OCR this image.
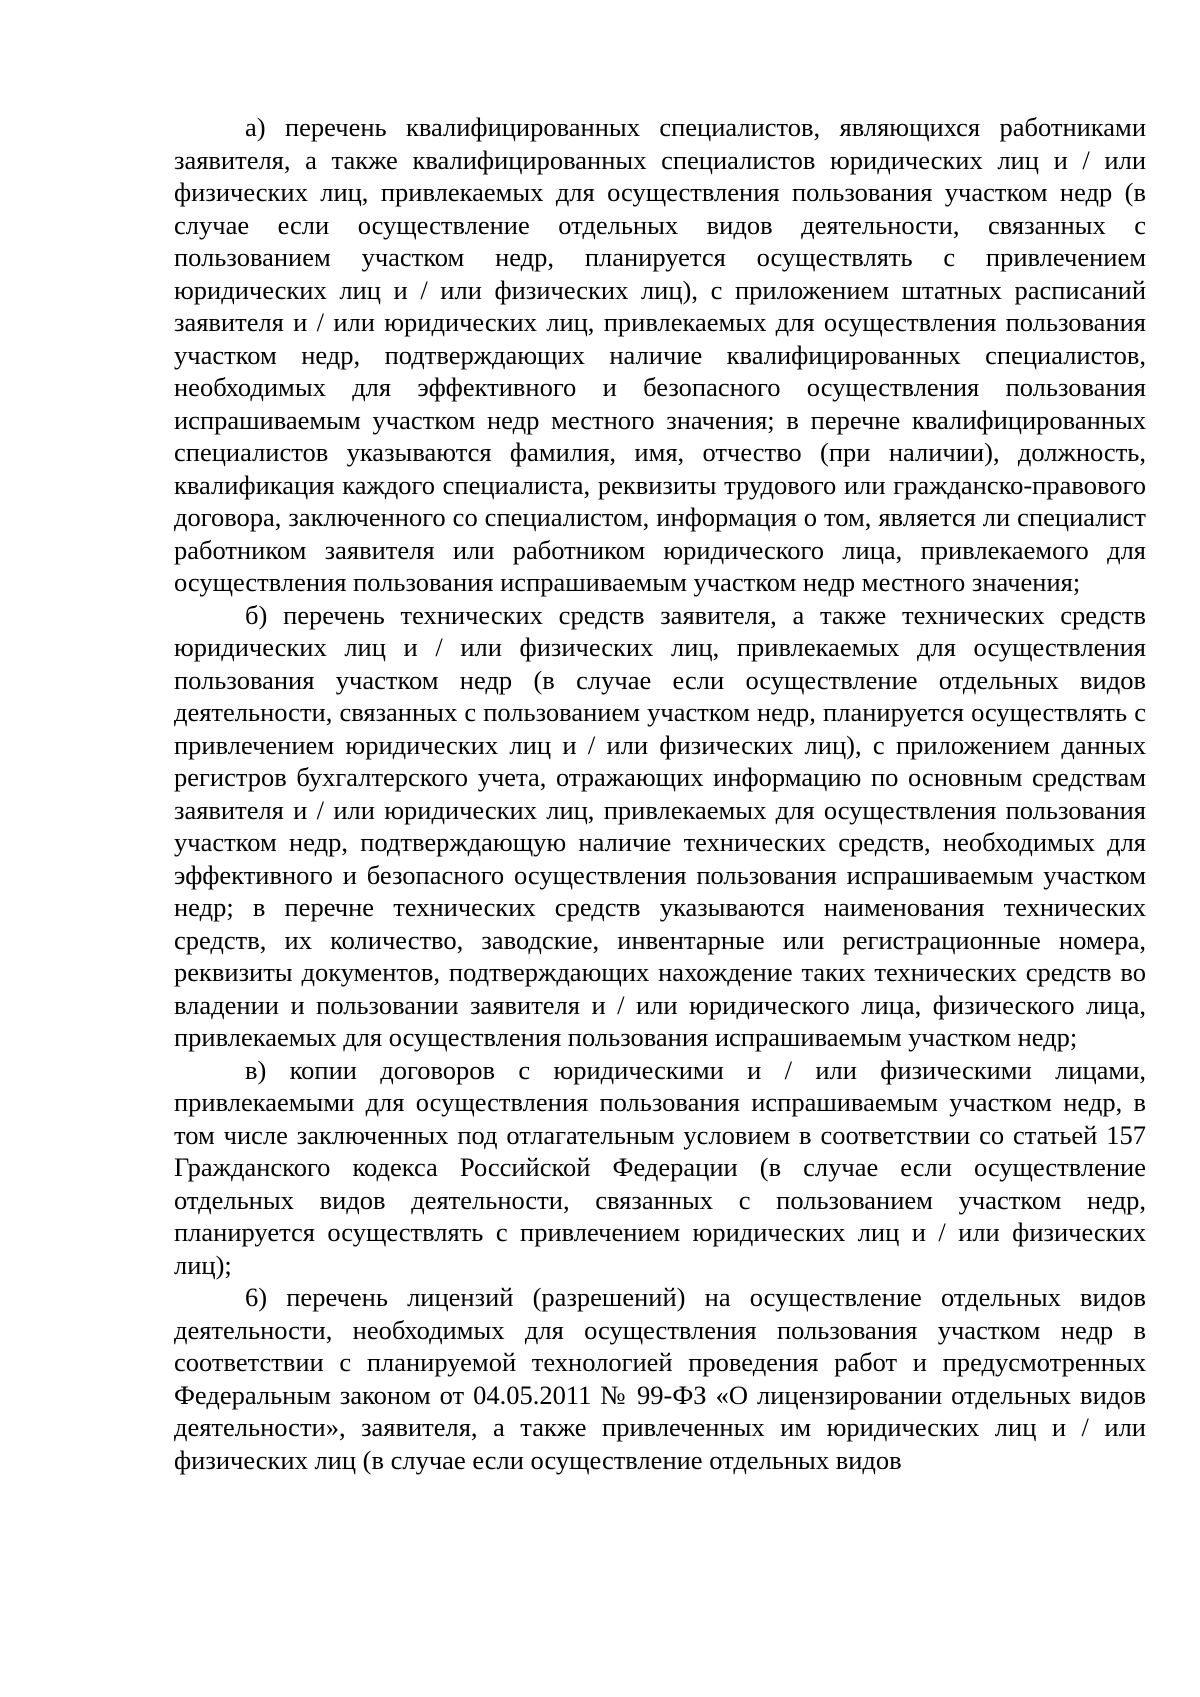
а) перечень квалифицированных специалистов, являющихся работниками заявителя, а также квалифицированных специалистов юридических лиц и / или физических лиц, привлекаемых для осуществления пользования участком недр (в случае если осуществление отдельных видов деятельности, связанных с пользованием участком недр, планируется осуществлять с привлечением юридических лиц и / или физических лиц), с приложением штатных расписаний заявителя и / или юридических лиц, привлекаемых для осуществления пользования участком недр, подтверждающих наличие квалифицированных специалистов, необходимых для эффективного и безопасного осуществления пользования испрашиваемым участком недр местного значения; в перечне квалифицированных специалистов указываются фамилия, имя, отчество (при наличии), должность, квалификация каждого специалиста, реквизиты трудового или гражданско-правового договора, заключенного со специалистом, информация о том, является ли специалист работником заявителя или работником юридического лица, привлекаемого для осуществления пользования испрашиваемым участком недр местного значения;

б) перечень технических средств заявителя, а также технических средств юридических лиц и / или физических лиц, привлекаемых для осуществления пользования участком недр (в случае если осуществление отдельных видов деятельности, связанных с пользованием участком недр, планируется осуществлять с привлечением юридических лиц и / или физических лиц), с приложением данных регистров бухгалтерского учета, отражающих информацию по основным средствам заявителя и / или юридических лиц, привлекаемых для осуществления пользования участком недр, подтверждающую наличие технических средств, необходимых для эффективного и безопасного осуществления пользования испрашиваемым участком недр; в перечне технических средств указываются наименования технических средств, их количество, заводские, инвентарные или регистрационные номера, реквизиты документов, подтверждающих нахождение таких технических средств во владении и пользовании заявителя и / или юридического лица, физического лица, привлекаемых для осуществления пользования испрашиваемым участком недр;

в) копии договоров с юридическими и / или физическими лицами, привлекаемыми для осуществления пользования испрашиваемым участком недр, в том числе заключенных под отлагательным условием в соответствии со статьей 157 Гражданского кодекса Российской Федерации (в случае если осуществление отдельных видов деятельности, связанных с пользованием участком недр, планируется осуществлять с привлечением юридических лиц и / или физических лиц);

6) перечень лицензий (разрешений) на осуществление отдельных видов деятельности, необходимых для осуществления пользования участком недр в соответствии с планируемой технологией проведения работ и предусмотренных Федеральным законом от 04.05.2011 № 99-ФЗ «О лицензировании отдельных видов деятельности», заявителя, а также привлеченных им юридических лиц и / или физических лиц (в случае если осуществление отдельных видов
